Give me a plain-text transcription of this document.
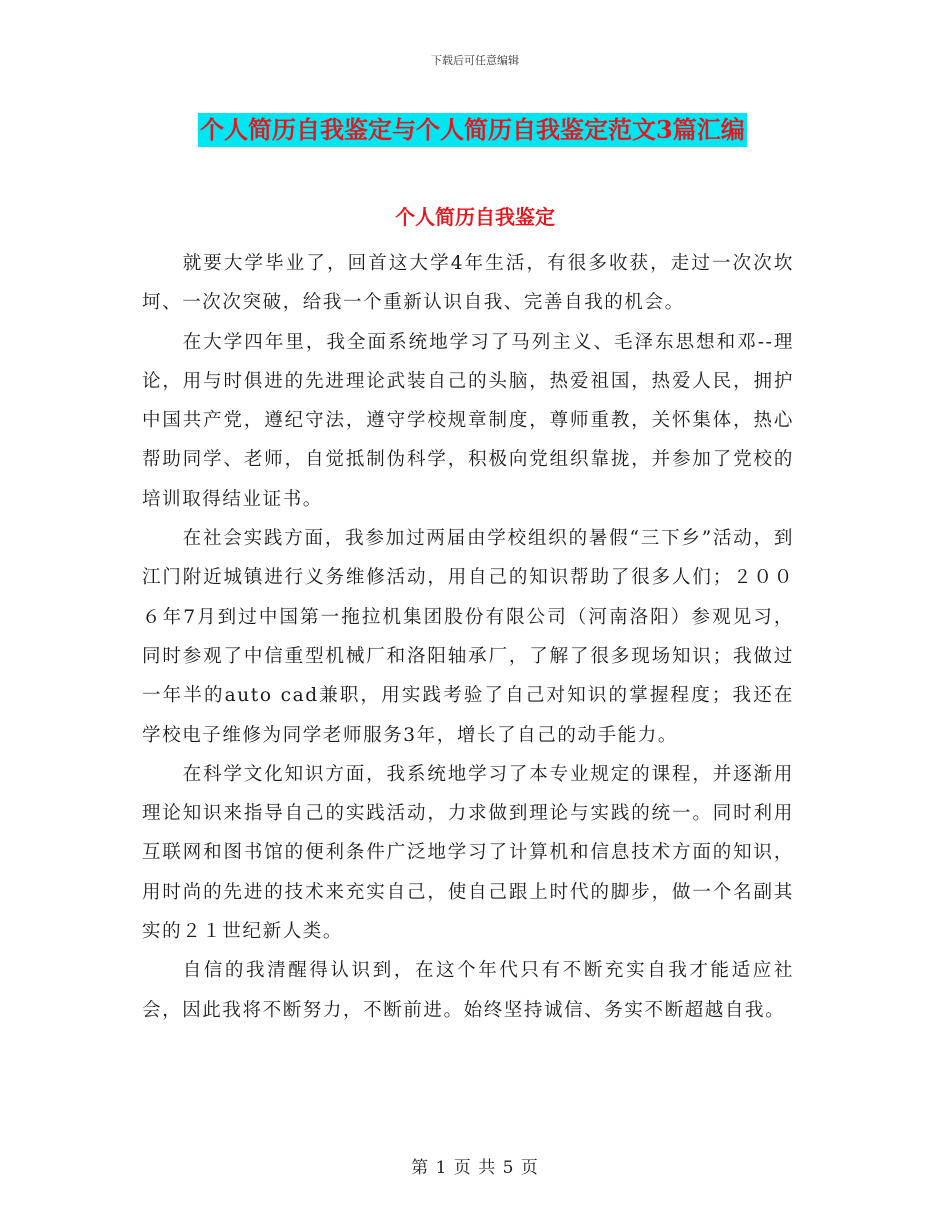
下载后可任意编辑
个人简历自我鉴定与个人简历自我鉴定范文3篇汇编
个人简历自我鉴定

就要大学毕业了，回首这大学4年生活，有很多收获，走过一次次坎坷、一次次突破，给我一个重新认识自我、完善自我的机会。

在大学四年里，我全面系统地学习了马列主义、毛泽东思想和邓--理论，用与时俱进的先进理论武装自己的头脑，热爱祖国，热爱人民，拥护中国共产党，遵纪守法，遵守学校规章制度，尊师重教，关怀集体，热心帮助同学、老师，自觉抵制伪科学，积极向党组织靠拢，并参加了党校的培训取得结业证书。

在社会实践方面，我参加过两届由学校组织的暑假“三下乡”活动，到江门附近城镇进行义务维修活动，用自己的知识帮助了很多人们；２００６年7月到过中国第一拖拉机集团股份有限公司（河南洛阳）参观见习，同时参观了中信重型机械厂和洛阳轴承厂，了解了很多现场知识；我做过一年半的auto cad兼职，用实践考验了自己对知识的掌握程度；我还在学校电子维修为同学老师服务3年，增长了自己的动手能力。

在科学文化知识方面，我系统地学习了本专业规定的课程，并逐渐用理论知识来指导自己的实践活动，力求做到理论与实践的统一。同时利用互联网和图书馆的便利条件广泛地学习了计算机和信息技术方面的知识，用时尚的先进的技术来充实自己，使自己跟上时代的脚步，做一个名副其实的２１世纪新人类。

自信的我清醒得认识到，在这个年代只有不断充实自我才能适应社会，因此我将不断努力，不断前进。始终坚持诚信、务实不断超越自我。

第 1 页 共 5 页
